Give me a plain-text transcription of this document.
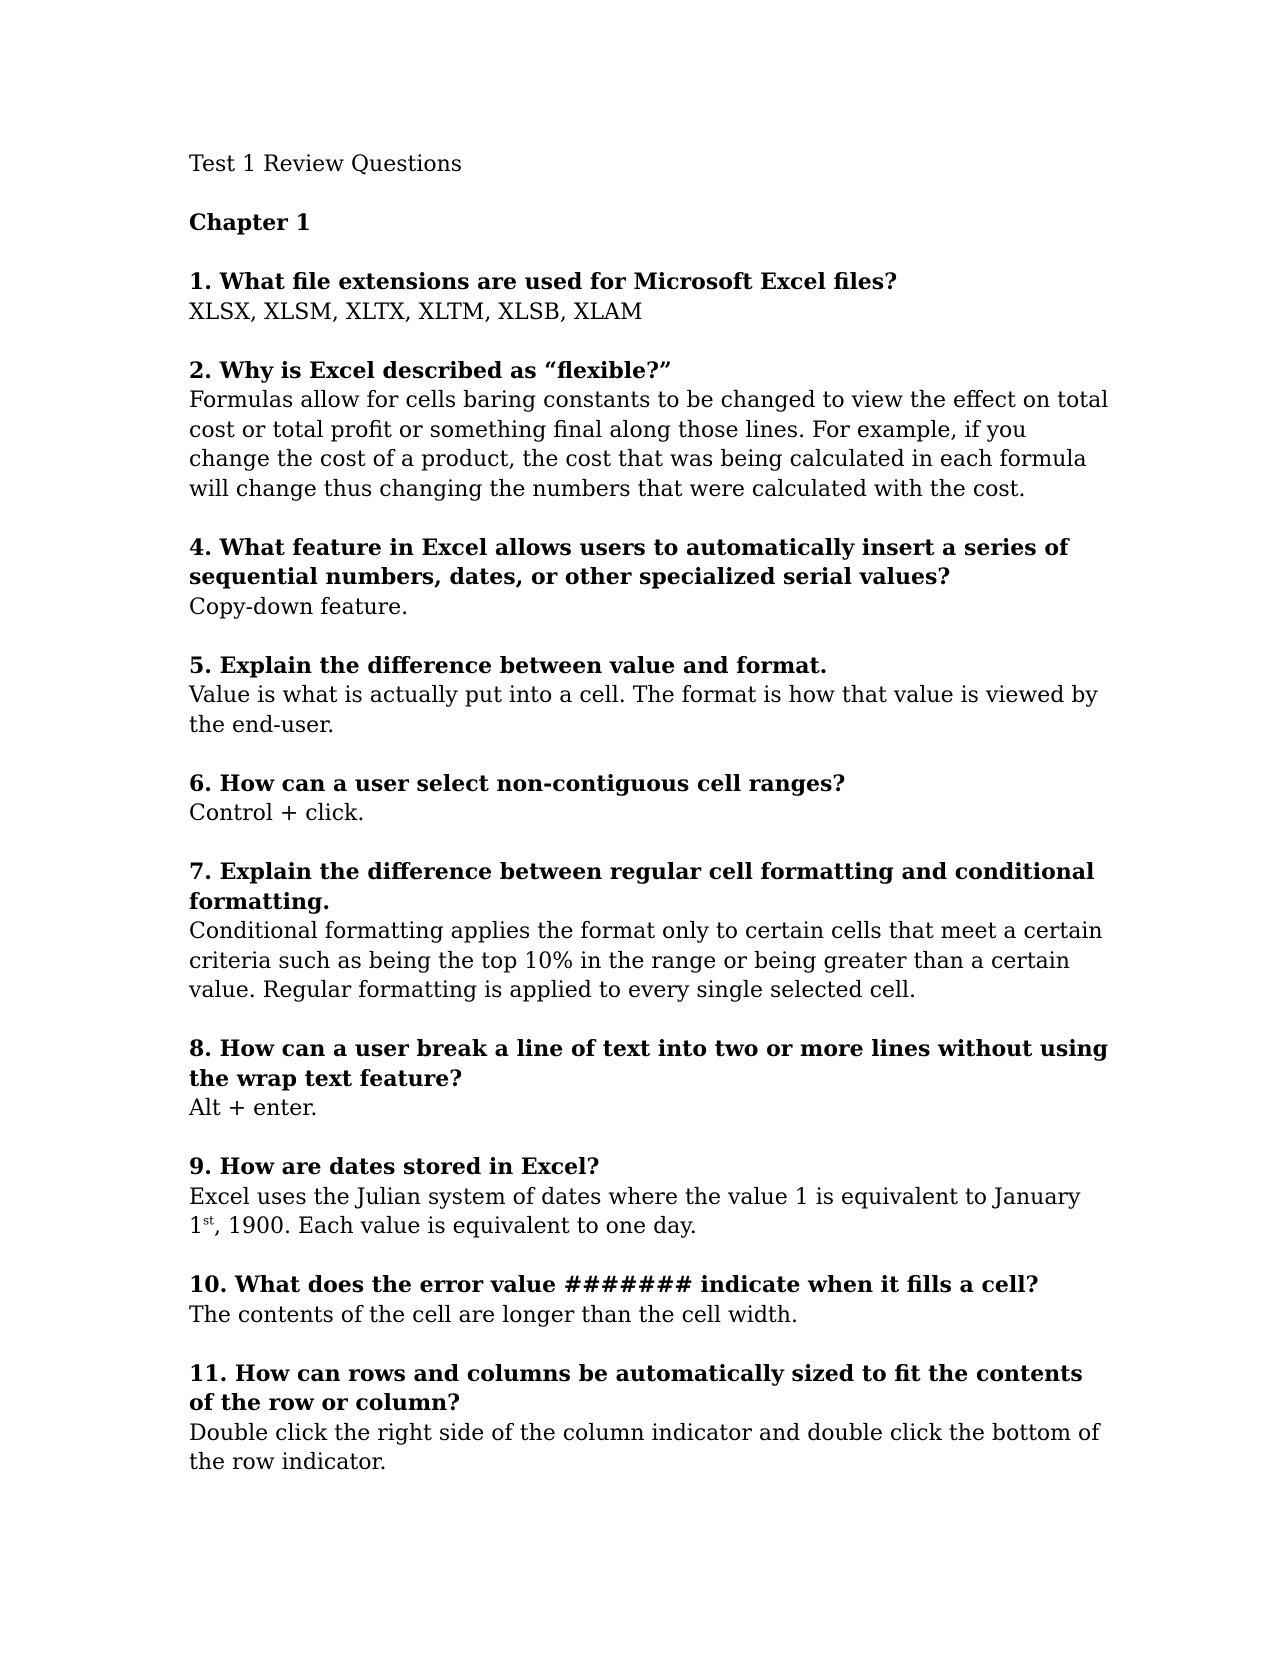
Test 1 Review Questions

Chapter 1

1. What file extensions are used for Microsoft Excel files?

XLSX, XLSM, XLTX, XLTM, XLSB, XLAM

2. Why is Excel described as “flexible?”

Formulas allow for cells baring constants to be changed to view the effect on total cost or total profit or something final along those lines. For example, if you change the cost of a product, the cost that was being calculated in each formula will change thus changing the numbers that were calculated with the cost.

4. What feature in Excel allows users to automatically insert a series of sequential numbers, dates, or other specialized serial values?

Copy-down feature.

5. Explain the difference between value and format.

Value is what is actually put into a cell. The format is how that value is viewed by the end-user.

6. How can a user select non-contiguous cell ranges?

Control + click.

7. Explain the difference between regular cell formatting and conditional formatting.

Conditional formatting applies the format only to certain cells that meet a certain criteria such as being the top 10% in the range or being greater than a certain value. Regular formatting is applied to every single selected cell.

8. How can a user break a line of text into two or more lines without using the wrap text feature?

Alt + enter.

9. How are dates stored in Excel?

Excel uses the Julian system of dates where the value 1 is equivalent to January 1st, 1900. Each value is equivalent to one day.

10. What does the error value ####### indicate when it fills a cell?

The contents of the cell are longer than the cell width.

11. How can rows and columns be automatically sized to fit the contents of the row or column?

Double click the right side of the column indicator and double click the bottom of the row indicator.
